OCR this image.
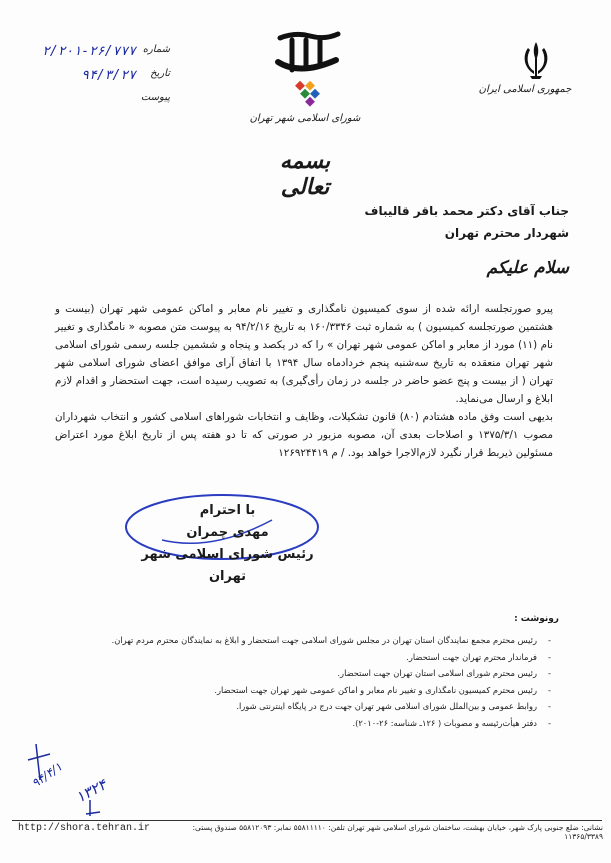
جمهوری اسلامی ایران
شورای اسلامی شهر تهران
شماره
۲/۲۰۱-۲۶/۷۷۷
تاریخ
۹۴/۳/۲۷
پیوست
بسمه تعالی
جناب آقای دکتر محمد باقر قالیباف
شهردار محترم تهران
سلام علیکم

پیرو صورتجلسه ارائه شده از سوی کمیسیون نامگذاری و تغییر نام معابر و اماکن عمومی شهر تهران (بیست و هشتمین صورتجلسه کمیسیون ) به شماره ثبت ۱۶۰/۳۳۴۶ به تاریخ ۹۴/۲/۱۶ به پیوست متن مصوبه « نامگذاری و تغییر نام (۱۱) مورد از معابر و اماکن عمومی شهر تهران » را که در یکصد و پنجاه و ششمین جلسه رسمی شورای اسلامی شهر تهران منعقده به تاریخ سه‌شنبه پنجم خردادماه سال ۱۳۹۴ با اتفاق آرای موافق اعضای شورای اسلامی شهر تهران ( از بیست و پنج عضو حاضر در جلسه در زمان رأی‌گیری) به تصویب رسیده است، جهت استحضار و اقدام لازم ابلاغ و ارسال می‌نماید.

بدیهی است وفق ماده هشتادم (۸۰) قانون تشکیلات، وظایف و انتخابات شوراهای اسلامی کشور و انتخاب شهرداران مصوب ۱۳۷۵/۳/۱ و اصلاحات بعدی آن، مصوبه مزبور در صورتی که تا دو هفته پس از تاریخ ابلاغ مورد اعتراض مسئولین ذیربط قرار نگیرد لازم‌الاجرا خواهد بود. / م ۱۲۶۹۲۴۴۱۹

با احترام
مهدی چمران
رئیس شورای اسلامی شهر تهران
رونوشت :
- رئیس محترم مجمع نمایندگان استان تهران در مجلس شورای اسلامی جهت استحضار و ابلاغ به نمایندگان محترم مردم تهران.
- فرماندار محترم تهران جهت استحضار.
- رئیس محترم شورای اسلامی استان تهران جهت استحضار.
- رئیس محترم کمیسیون نامگذاری و تغییر نام معابر و اماکن عمومی شهر تهران جهت استحضار.
- روابط عمومی و بین‌الملل شورای اسلامی شهر تهران جهت درج در پایگاه اینترنتی شورا.
- دفتر هیأت‌رئیسه و مصوبات ( ۱۲۶ـ شناسه: ۲۶-۲۰۱۰).
۹۴/۴/۱
۱۳۲۴
http://shora.tehran.ir	نشانی: ضلع جنوبی پارک شهر، خیابان بهشت، ساختمان شورای اسلامی شهر تهران تلفن: ۵۵۸۱۱۱۱۰ نمابر: ۵۵۸۱۲۰۹۳ صندوق پستی: ۱۱۳۶۵/۳۳۸۹
